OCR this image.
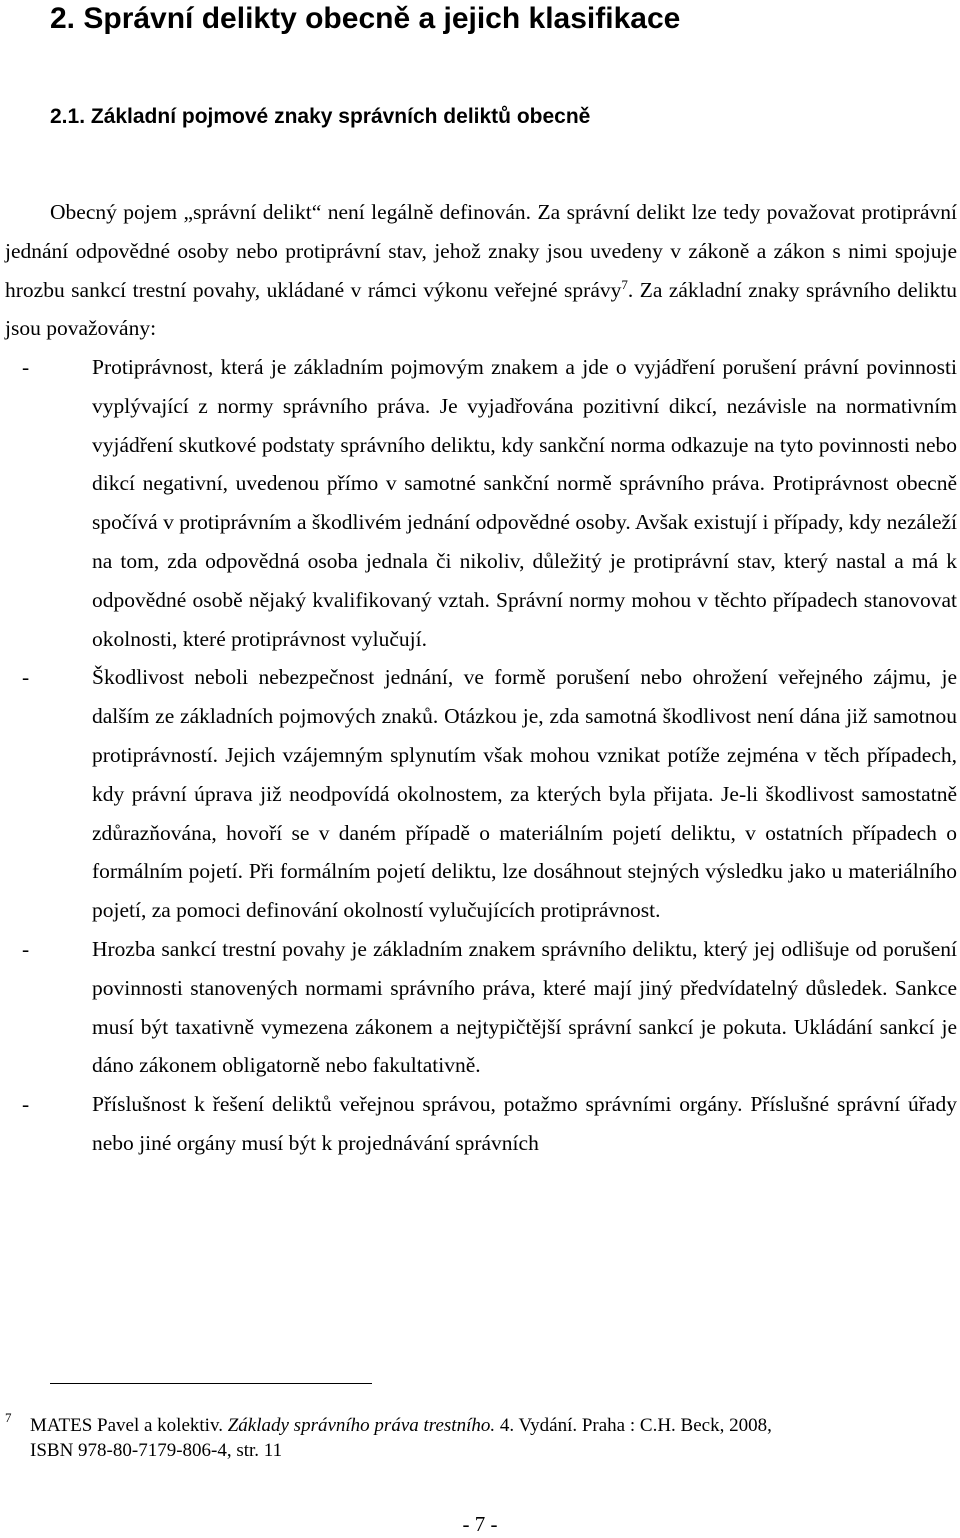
2. Správní delikty obecně a jejich klasifikace
2.1. Základní pojmové znaky správních deliktů obecně

Obecný pojem „správní delikt“ není legálně definován. Za správní delikt lze tedy považovat protiprávní jednání odpovědné osoby nebo protiprávní stav, jehož znaky jsou uvedeny v zákoně a zákon s nimi spojuje hrozbu sankcí trestní povahy, ukládané v rámci výkonu veřejné správy$^7$. Za základní znaky správního deliktu jsou považovány:

-	Protiprávnost, která je základním pojmovým znakem a jde o vyjádření porušení právní povinnosti vyplývající z normy správního práva. Je vyjadřována pozitivní dikcí, nezávisle na normativním vyjádření skutkové podstaty správního deliktu, kdy sankční norma odkazuje na tyto povinnosti nebo dikcí negativní, uvedenou přímo v samotné sankční normě správního práva. Protiprávnost obecně spočívá v protiprávním a škodlivém jednání odpovědné osoby. Avšak existují i případy, kdy nezáleží na tom, zda odpovědná osoba jednala či nikoliv, důležitý je protiprávní stav, který nastal a má k odpovědné osobě nějaký kvalifikovaný vztah. Správní normy mohou v těchto případech stanovovat okolnosti, které protiprávnost vylučují.
-	Škodlivost neboli nebezpečnost jednání, ve formě porušení nebo ohrožení veřejného zájmu, je dalším ze základních pojmových znaků. Otázkou je, zda samotná škodlivost není dána již samotnou protiprávností. Jejich vzájemným splynutím však mohou vznikat potíže zejména v těch případech, kdy právní úprava již neodpovídá okolnostem, za kterých byla přijata. Je-li škodlivost samostatně zdůrazňována, hovoří se v daném případě o materiálním pojetí deliktu, v ostatních případech o formálním pojetí. Při formálním pojetí deliktu, lze dosáhnout stejných výsledku jako u materiálního pojetí, za pomoci definování okolností vylučujících protiprávnost.
-	Hrozba sankcí trestní povahy je základním znakem správního deliktu, který jej odlišuje od porušení povinnosti stanovených normami správního práva, které mají jiný předvídatelný důsledek. Sankce musí být taxativně vymezena zákonem a nejtypičtější správní sankcí je pokuta. Ukládání sankcí je dáno zákonem obligatorně nebo fakultativně.
-	Příslušnost k řešení deliktů veřejnou správou, potažmo správními orgány. Příslušné správní úřady nebo jiné orgány musí být k projednávání správních
7 MATES Pavel a kolektiv. Základy správního práva trestního. 4. Vydání. Praha : C.H. Beck, 2008,
ISBN 978-80-7179-806-4, str. 11
- 7 -
